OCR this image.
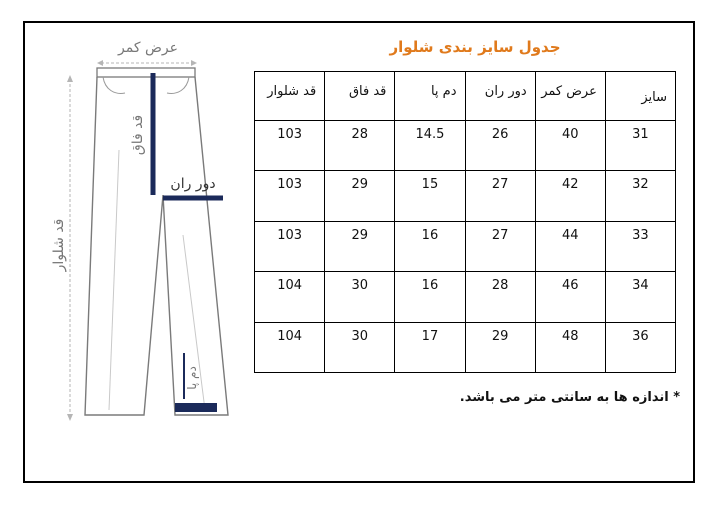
جدول سایز بندی شلوار
سایز	عرض کمر	دور ران	دم پا	قد فاق	قد شلوار

31	40	26	14.5	28	103
32	42	27	15	29	103
33	44	27	16	29	103
34	46	28	16	30	104
36	48	29	17	30	104
* اندازه ها به سانتی متر می باشد.
عرض کمر
قد شلوار
قد فاق
دور ران
دم پا
